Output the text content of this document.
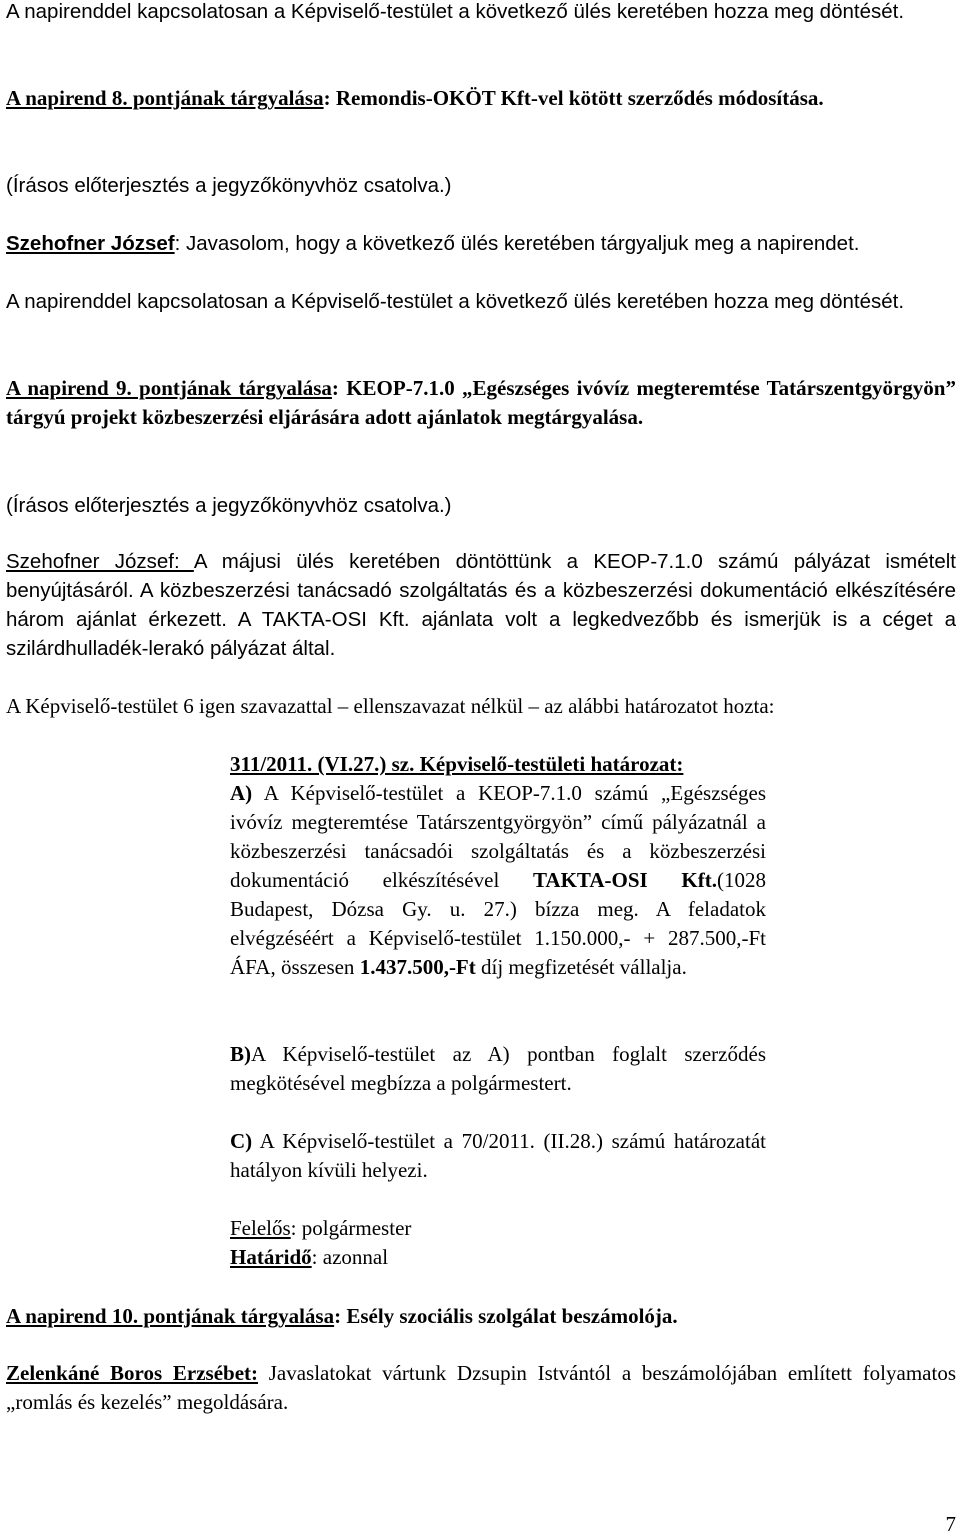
A napirenddel kapcsolatosan a Képviselő-testület a következő ülés keretében hozza meg döntését.

A napirend 8. pontjának tárgyalása: Remondis-OKÖT Kft-vel kötött szerződés módosítása.

(Írásos előterjesztés a jegyzőkönyvhöz csatolva.)

Szehofner József: Javasolom, hogy a következő ülés keretében tárgyaljuk meg a napirendet.

A napirenddel kapcsolatosan a Képviselő-testület a következő ülés keretében hozza meg döntését.

A napirend 9. pontjának tárgyalása: KEOP-7.1.0 „Egészséges ivóvíz megteremtése Tatárszentgyörgyön” tárgyú projekt közbeszerzési eljárására adott ajánlatok megtárgyalása.

(Írásos előterjesztés a jegyzőkönyvhöz csatolva.)

Szehofner József: A májusi ülés keretében döntöttünk a KEOP-7.1.0 számú pályázat ismételt benyújtásáról. A közbeszerzési tanácsadó szolgáltatás és a közbeszerzési dokumentáció elkészítésére három ajánlat érkezett. A TAKTA-OSI Kft. ajánlata volt a legkedvezőbb és ismerjük is a céget a szilárdhulladék-lerakó pályázat által.

A Képviselő-testület 6 igen szavazattal – ellenszavazat nélkül – az alábbi határozatot hozta:

311/2011. (VI.27.) sz. Képviselő-testületi határozat:

A) A Képviselő-testület a KEOP-7.1.0 számú „Egészséges ivóvíz megteremtése Tatárszentgyörgyön” című pályázatnál a közbeszerzési tanácsadói szolgáltatás és a közbeszerzési dokumentáció elkészítésével TAKTA-OSI Kft.(1028 Budapest, Dózsa Gy. u. 27.) bízza meg. A feladatok elvégzéséért a Képviselő-testület 1.150.000,- + 287.500,-Ft ÁFA, összesen 1.437.500,-Ft díj megfizetését vállalja.

B)A Képviselő-testület az A) pontban foglalt szerződés megkötésével megbízza a polgármestert.

C) A Képviselő-testület a 70/2011. (II.28.) számú határozatát hatályon kívüli helyezi.

Felelős: polgármester

Határidő: azonnal

A napirend 10. pontjának tárgyalása: Esély szociális szolgálat beszámolója.

Zelenkáné Boros Erzsébet: Javaslatokat vártunk Dzsupin Istvántól a beszámolójában említett folyamatos „romlás és kezelés” megoldására.

7
